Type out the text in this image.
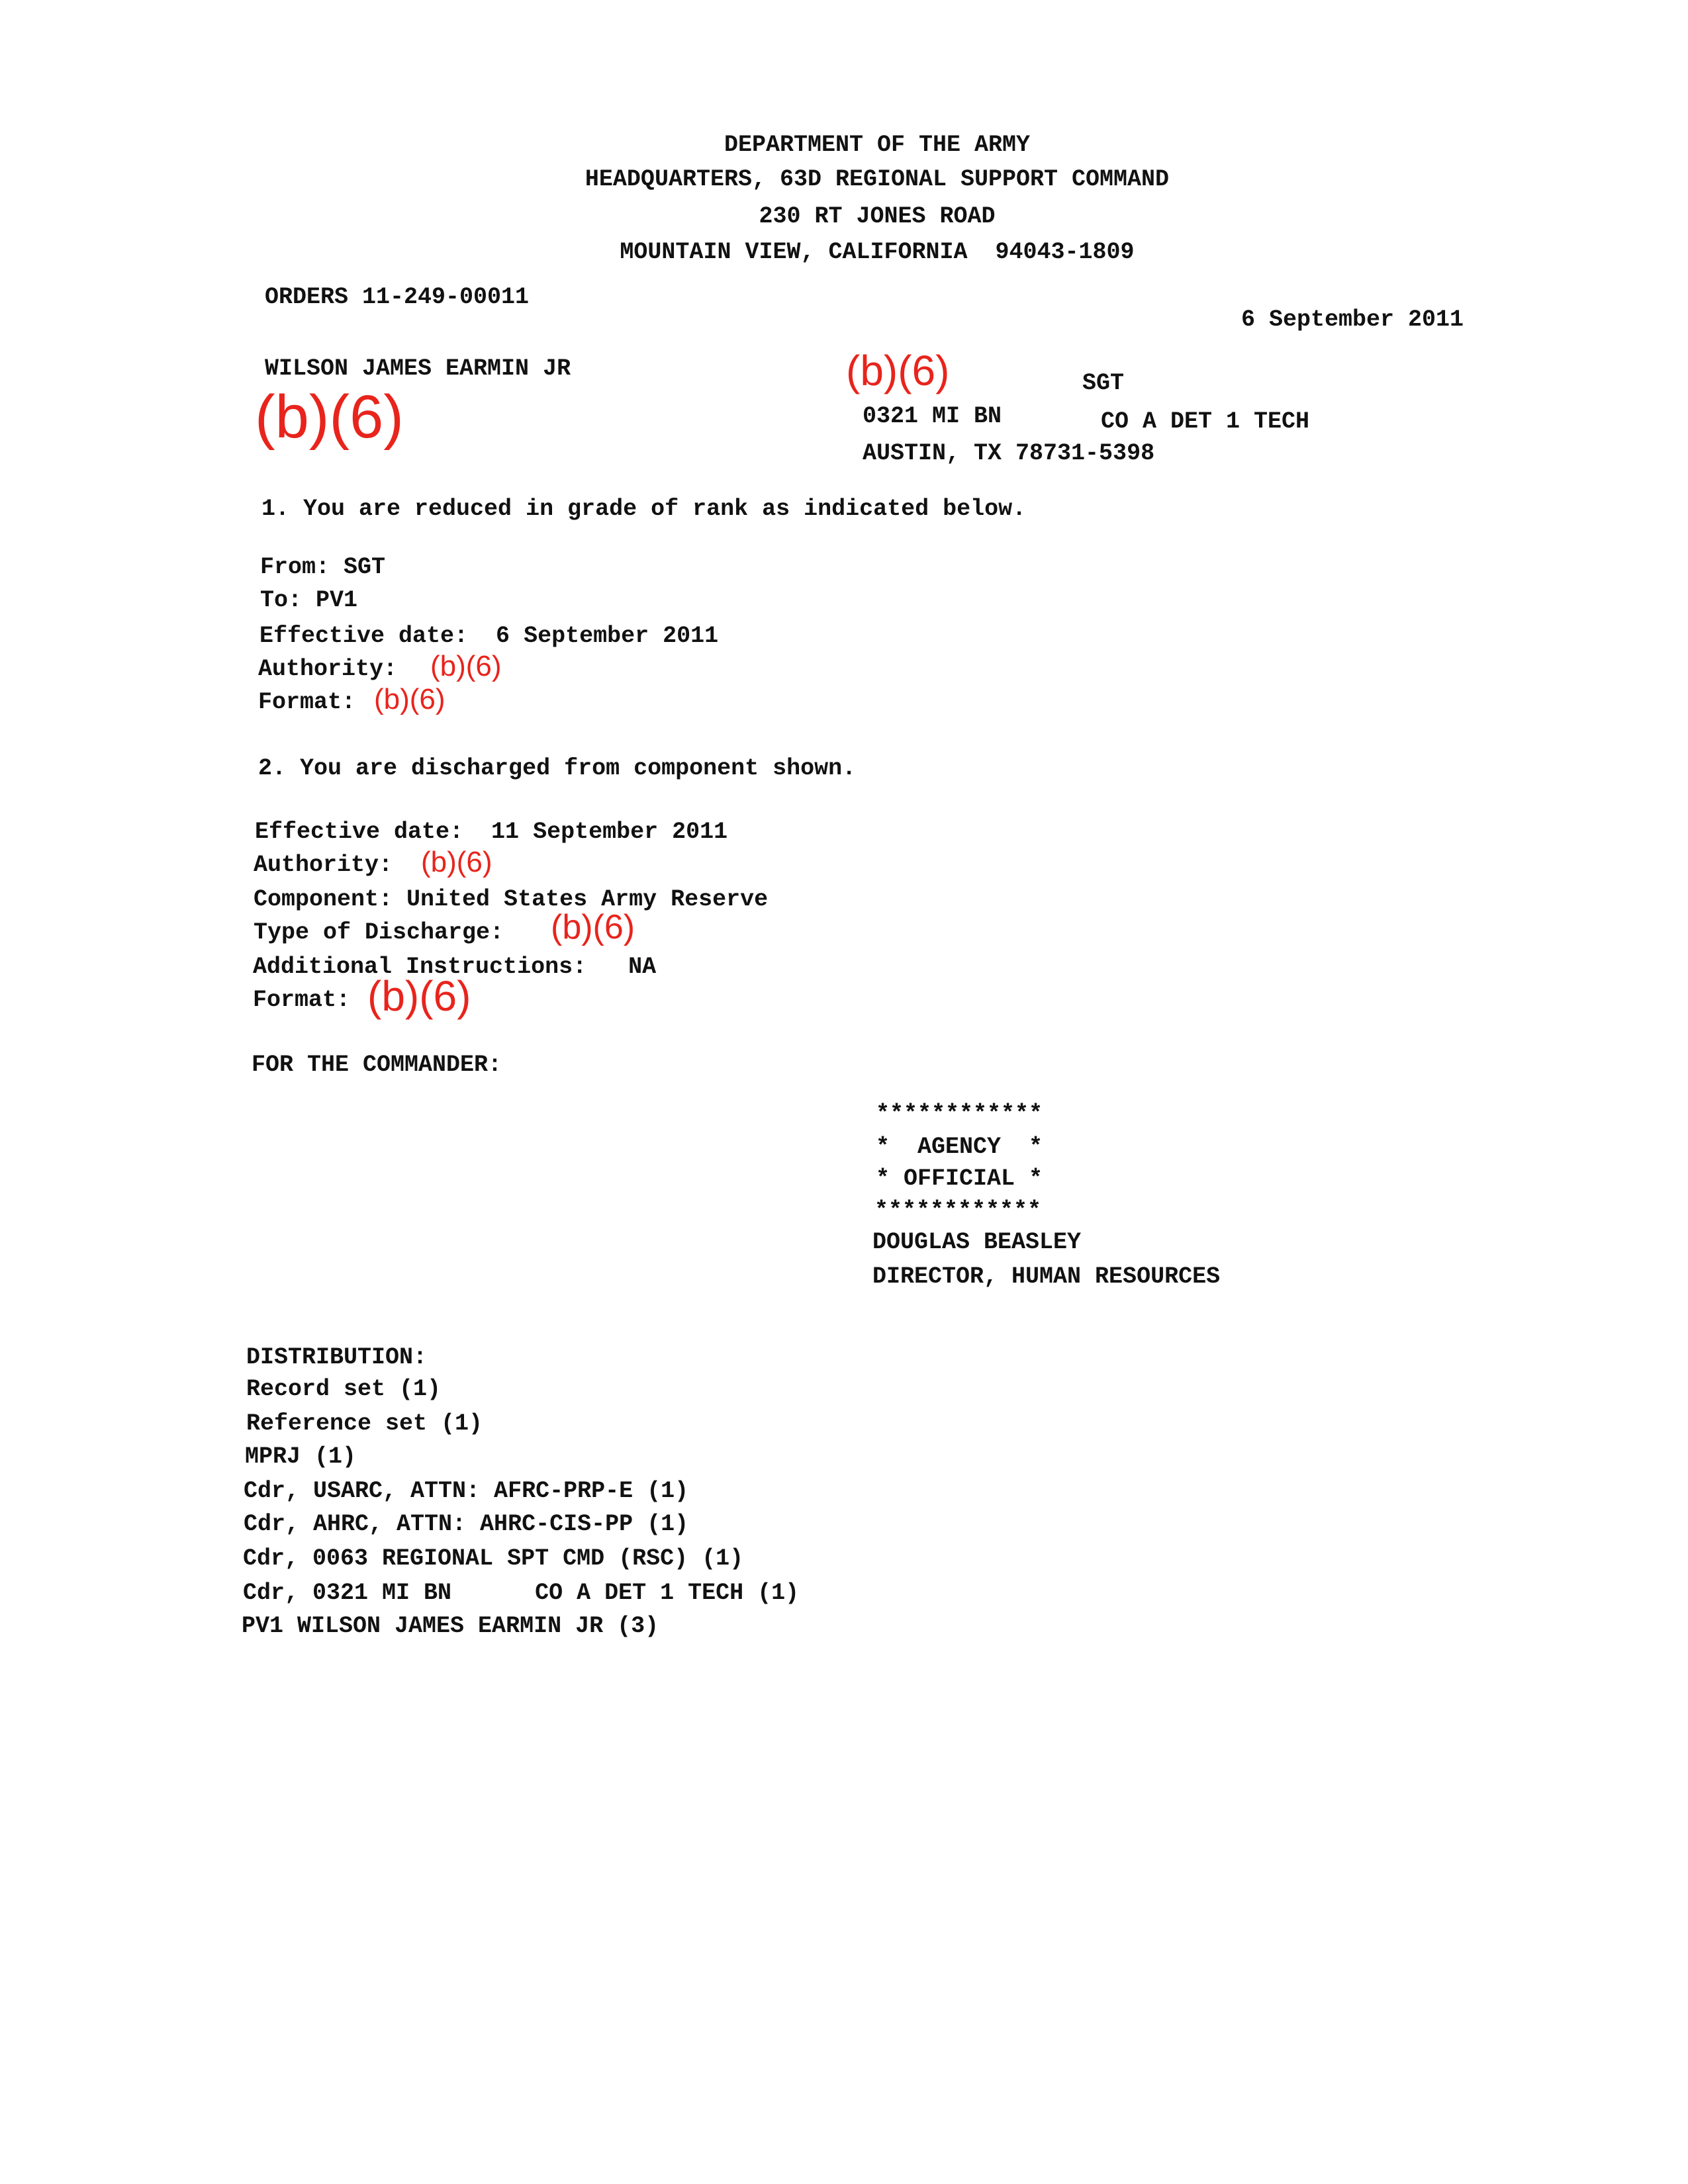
DEPARTMENT OF THE ARMY
HEADQUARTERS, 63D REGIONAL SUPPORT COMMAND
230 RT JONES ROAD
MOUNTAIN VIEW, CALIFORNIA  94043-1809
ORDERS 11-249-00011
6 September 2011
WILSON JAMES EARMIN JR
(b)(6)
(b)(6)	SGT
0321 MI BN	CO A DET 1 TECH
AUSTIN, TX 78731-5398
1. You are reduced in grade of rank as indicated below.
From: SGT
To: PV1
Effective date:  6 September 2011
Authority: (b)(6)
Format: (b)(6)
2. You are discharged from component shown.
Effective date:  11 September 2011
Authority: (b)(6)
Component: United States Army Reserve
Type of Discharge: (b)(6)
Additional Instructions:   NA
Format: (b)(6)
FOR THE COMMANDER:
************
*  AGENCY  *
* OFFICIAL *
************
DOUGLAS BEASLEY
DIRECTOR, HUMAN RESOURCES
DISTRIBUTION:
Record set (1)
Reference set (1)
MPRJ (1)
Cdr, USARC, ATTN: AFRC-PRP-E (1)
Cdr, AHRC, ATTN: AHRC-CIS-PP (1)
Cdr, 0063 REGIONAL SPT CMD (RSC) (1)
Cdr, 0321 MI BN      CO A DET 1 TECH (1)
PV1 WILSON JAMES EARMIN JR (3)
